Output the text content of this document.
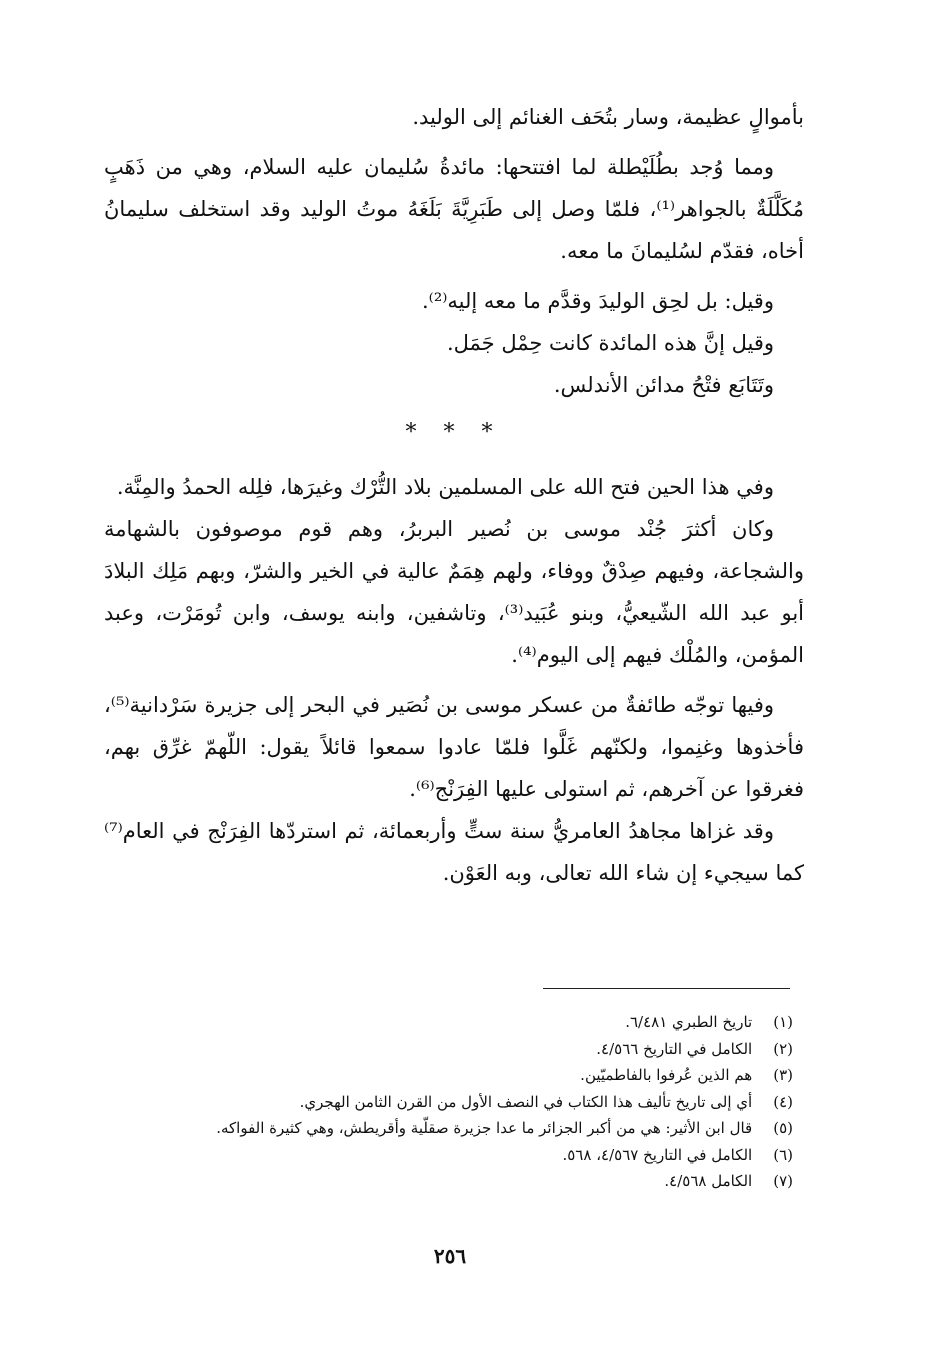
بأموالٍ عظيمة، وسار بتُحَف الغنائم إلى الوليد.

ومما وُجد بطُلَيْطلة لما افتتحها: مائدةُ سُليمان عليه السلام، وهي من ذَهَبٍ مُكَلَّلَةٌ بالجواهر⁽¹⁾، فلمّا وصل إلى طَبَرِيَّةَ بَلَغَهُ موتُ الوليد وقد استخلف سليمانُ أخاه، فقدّم لسُليمانَ ما معه.

وقيل: بل لحِق الوليدَ وقدَّم ما معه إليه⁽²⁾.

وقيل إنَّ هذه المائدة كانت حِمْل جَمَل.

وتَتَابَع فتْحُ مدائن الأندلس.

* * *

وفي هذا الحين فتح الله على المسلمين بلاد التُّرْك وغيرَها، فلِله الحمدُ والمِنَّة.

وكان أكثرَ جُنْد موسى بن نُصير البربرُ، وهم قوم موصوفون بالشهامة والشجاعة، وفيهم صِدْقٌ ووفاء، ولهم هِمَمٌ عالية في الخير والشرّ، وبهم مَلِك البلادَ أبو عبد الله الشّيعيُّ، وبنو عُبَيد⁽³⁾، وتاشفين، وابنه يوسف، وابن تُومَرْت، وعبد المؤمن، والمُلْك فيهم إلى اليوم⁽⁴⁾.

وفيها توجّه طائفةٌ من عسكر موسى بن نُصَير في البحر إلى جزيرة سَرْدانية⁽⁵⁾، فأخذوها وغنِموا، ولكنّهم غَلَّوا فلمّا عادوا سمعوا قائلاً يقول: اللّهمّ غرِّق بهم، فغرقوا عن آخرهم، ثم استولى عليها الفِرَنْج⁽⁶⁾.

وقد غزاها مجاهدُ العامريُّ سنة ستٍّ وأربعمائة، ثم استردّها الفِرَنْج في العام⁽⁷⁾ كما سيجيء إن شاء الله تعالى، وبه العَوْن.

(١) تاريخ الطبري ٦/٤٨١.
(٢) الكامل في التاريخ ٤/٥٦٦.
(٣) هم الذين عُرفوا بالفاطميّين.
(٤) أي إلى تاريخ تأليف هذا الكتاب في النصف الأول من القرن الثامن الهجري.
(٥) قال ابن الأثير: هي من أكبر الجزائر ما عدا جزيرة صقلّية وأقريطش، وهي كثيرة الفواكه.
(٦) الكامل في التاريخ ٤/٥٦٧، ٥٦٨.
(٧) الكامل ٤/٥٦٨.
٢٥٦
